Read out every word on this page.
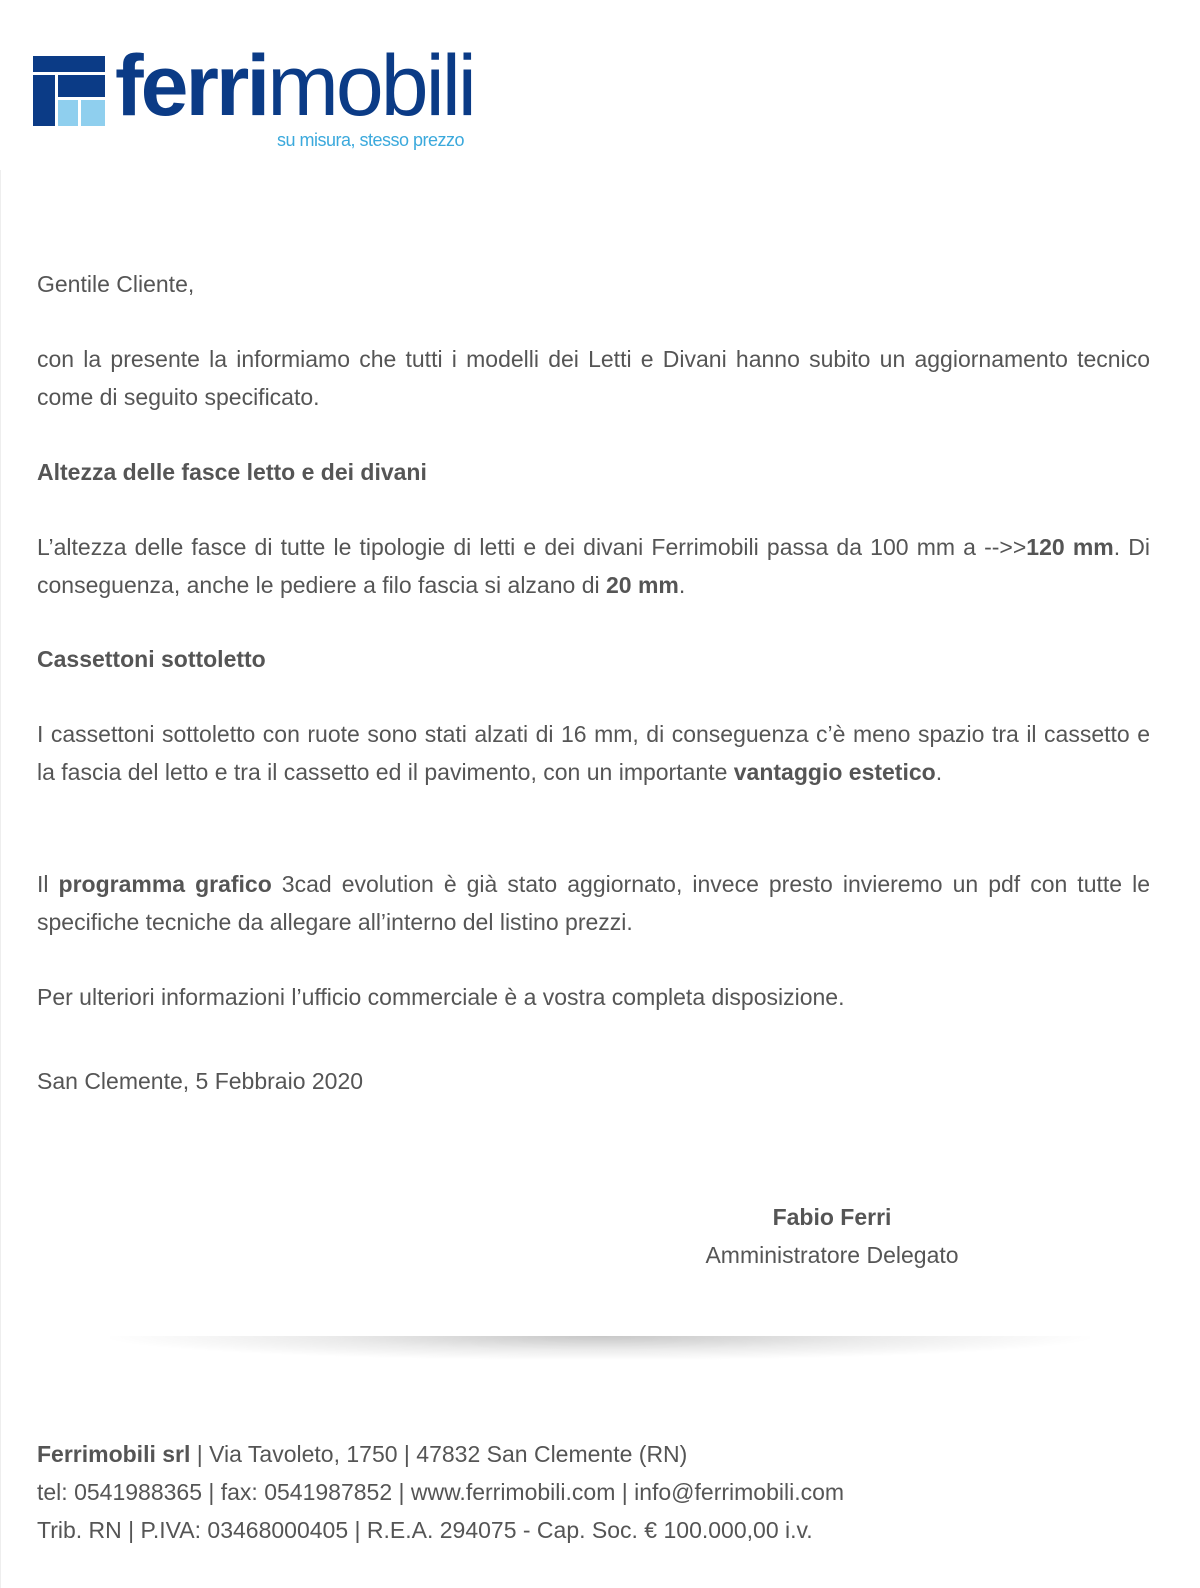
ferrimobili
su misura, stesso prezzo
Gentile Cliente,
con la presente la informiamo che tutti i modelli dei Letti e Divani hanno subito un aggiornamento tecnico come di seguito specificato.
Altezza delle fasce letto e dei divani
L’altezza delle fasce di tutte le tipologie di letti e dei divani Ferrimobili passa da 100 mm a -->>120 mm. Di conseguenza, anche le pediere a filo fascia si alzano di 20 mm.
Cassettoni sottoletto
I cassettoni sottoletto con ruote sono stati alzati di 16 mm, di conseguenza c’è meno spazio tra il cassetto e la fascia del letto e tra il cassetto ed il pavimento, con un importante vantaggio estetico.
Il programma grafico 3cad evolution è già stato aggiornato, invece presto invieremo un pdf con tutte le specifiche tecniche da allegare all’interno del listino prezzi.
Per ulteriori informazioni l’ufficio commerciale è a vostra completa disposizione.
San Clemente, 5 Febbraio 2020
Fabio Ferri
Amministratore Delegato
Ferrimobili srl | Via Tavoleto, 1750 | 47832 San Clemente (RN)
tel: 0541988365 | fax: 0541987852 | www.ferrimobili.com | info@ferrimobili.com
Trib. RN | P.IVA: 03468000405 | R.E.A. 294075 - Cap. Soc. € 100.000,00 i.v.
